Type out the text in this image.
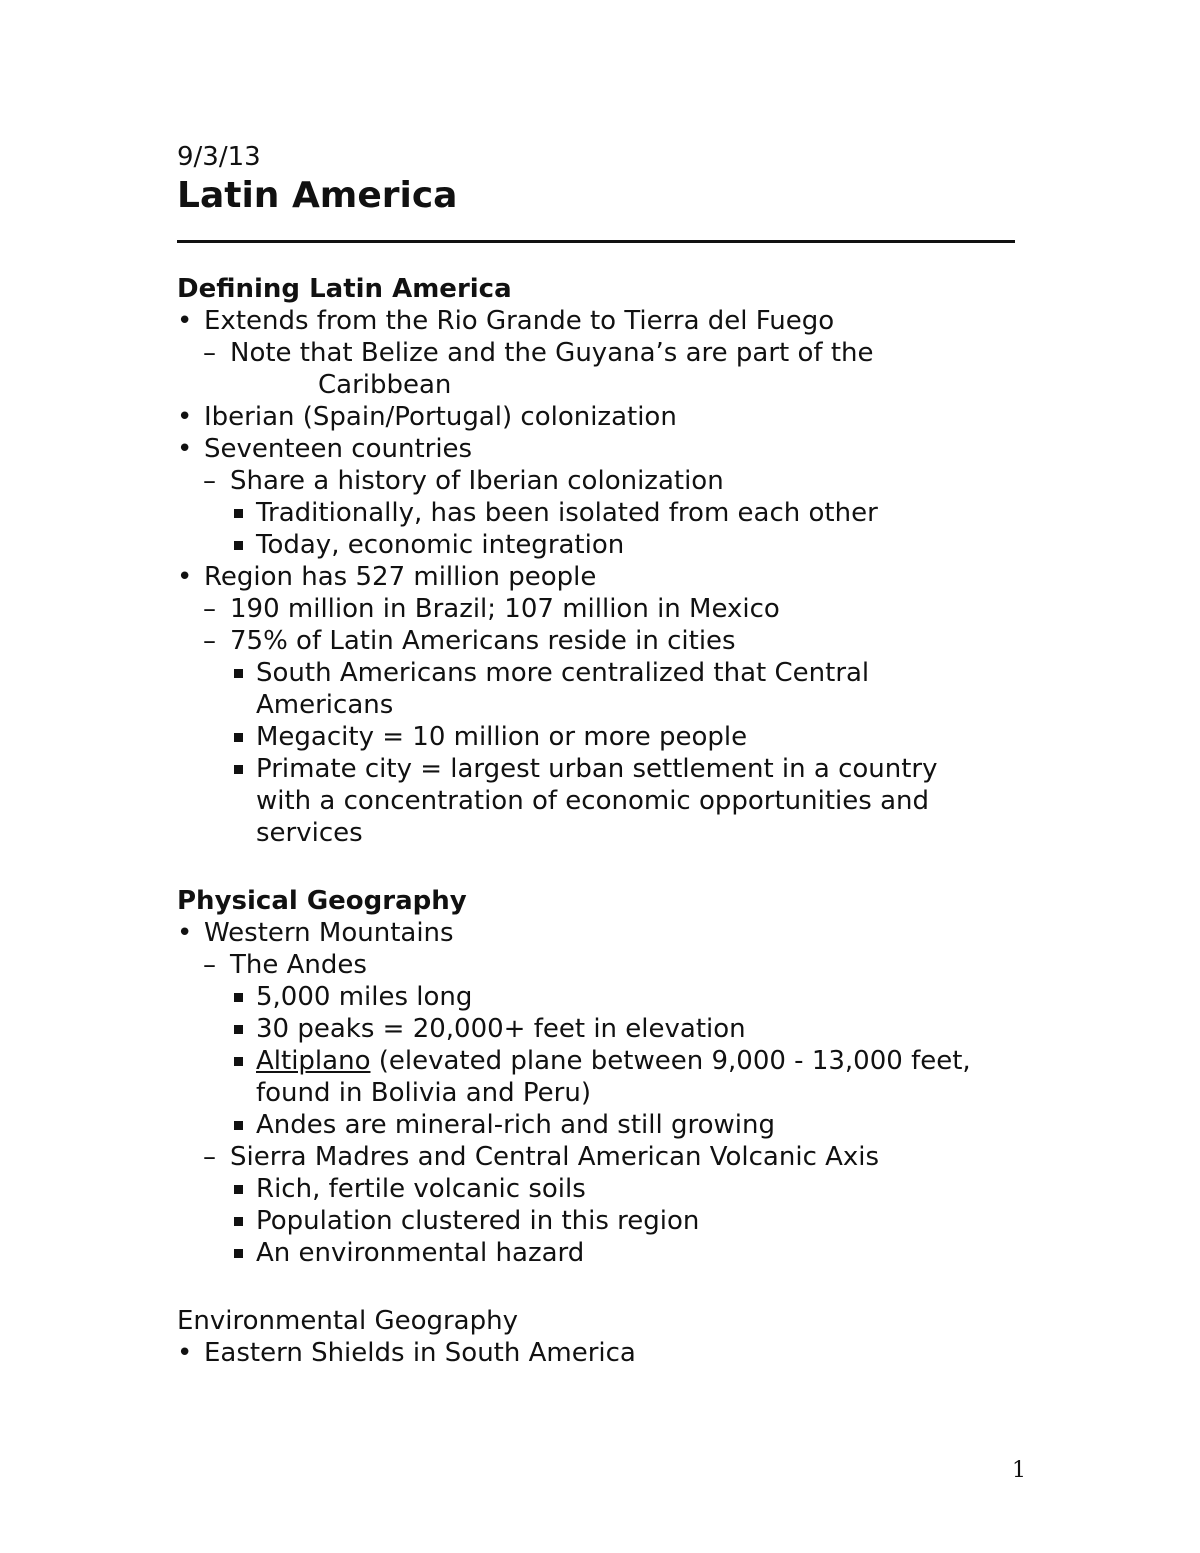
9/3/13

Latin America

Defining Latin America

• Extends from the Rio Grande to Tierra del Fuego
– Note that Belize and the Guyana’s are part of the
Caribbean
• Iberian (Spain/Portugal) colonization
• Seventeen countries
– Share a history of Iberian colonization
Traditionally, has been isolated from each other
Today, economic integration
• Region has 527 million people
– 190 million in Brazil; 107 million in Mexico
– 75% of Latin Americans reside in cities
South Americans more centralized that Central Americans
Megacity = 10 million or more people
Primate city = largest urban settlement in a country with a concentration of economic opportunities and services

Physical Geography

• Western Mountains
– The Andes
5,000 miles long
30 peaks = 20,000+ feet in elevation
Altiplano (elevated plane between 9,000 - 13,000 feet, found in Bolivia and Peru)
Andes are mineral-rich and still growing
– Sierra Madres and Central American Volcanic Axis
Rich, fertile volcanic soils
Population clustered in this region
An environmental hazard

Environmental Geography

• Eastern Shields in South America
1
